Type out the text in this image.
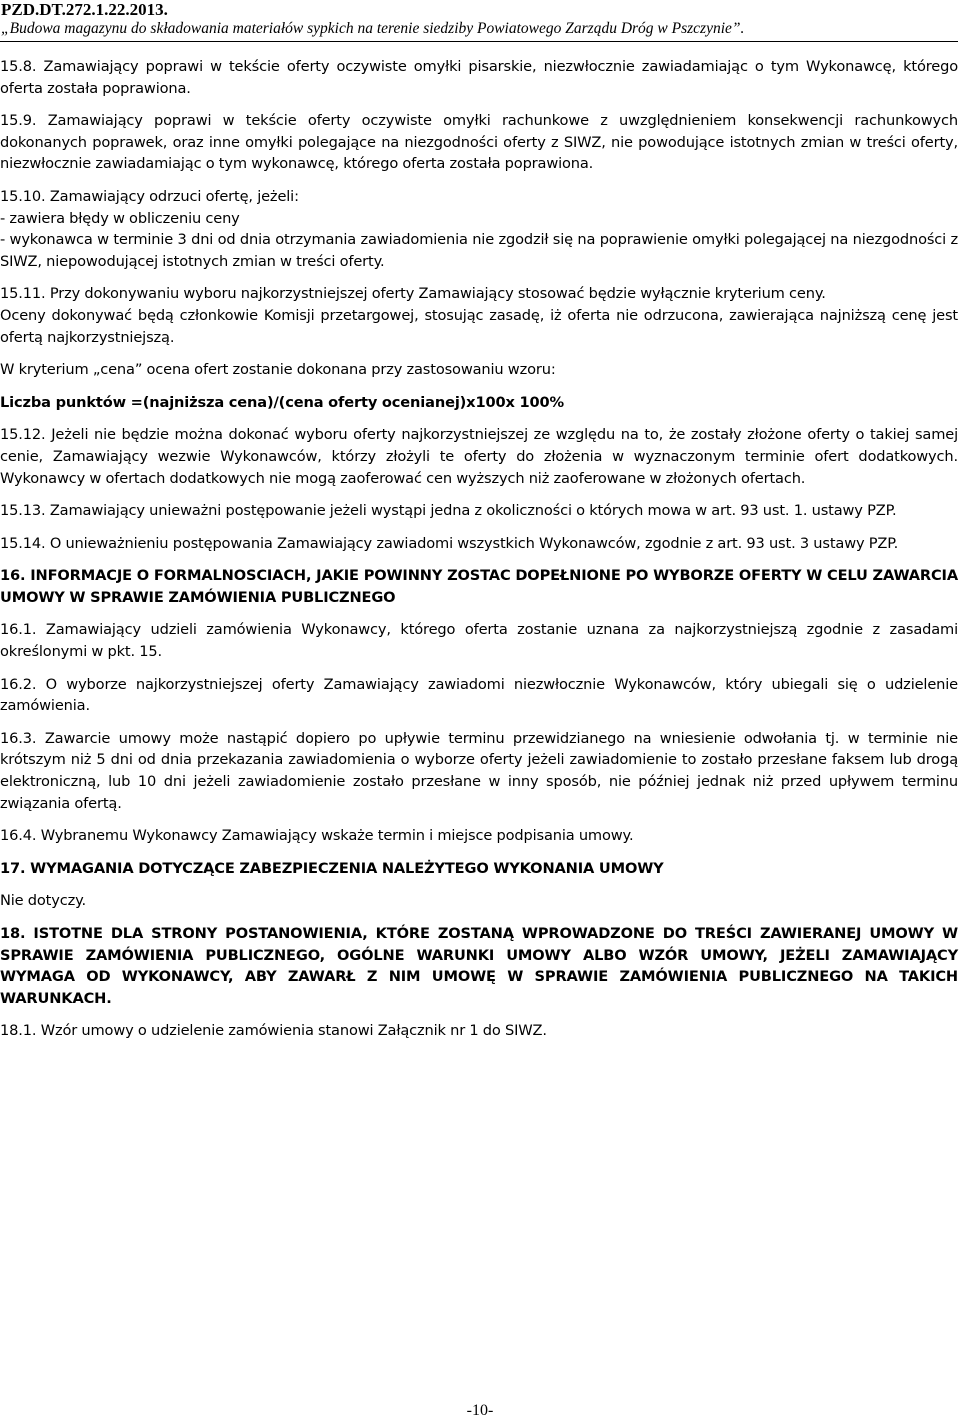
PZD.DT.272.1.22.2013.
„Budowa magazynu do składowania materiałów sypkich na terenie siedziby Powiatowego Zarządu Dróg w Pszczynie”.

15.8. Zamawiający poprawi w tekście oferty oczywiste omyłki pisarskie, niezwłocznie zawiadamiając o tym Wykonawcę, którego oferta została poprawiona.

15.9. Zamawiający poprawi w tekście oferty oczywiste omyłki rachunkowe z uwzględnieniem konsekwencji rachunkowych dokonanych poprawek, oraz inne omyłki polegające na niezgodności oferty z SIWZ, nie powodujące istotnych zmian w treści oferty, niezwłocznie zawiadamiając o tym wykonawcę, którego oferta została poprawiona.

15.10. Zamawiający odrzuci ofertę, jeżeli:

- zawiera błędy w obliczeniu ceny

- wykonawca w terminie 3 dni od dnia otrzymania zawiadomienia nie zgodził się na poprawienie omyłki polegającej na niezgodności z SIWZ, niepowodującej istotnych zmian w treści oferty.

15.11. Przy dokonywaniu wyboru najkorzystniejszej oferty Zamawiający stosować będzie wyłącznie kryterium ceny.

Oceny dokonywać będą członkowie Komisji przetargowej, stosując zasadę, iż oferta nie odrzucona, zawierająca najniższą cenę jest ofertą najkorzystniejszą.

W kryterium „cena” ocena ofert zostanie dokonana przy zastosowaniu wzoru:

Liczba punktów =(najniższa cena)/(cena oferty ocenianej)x100x 100%

15.12. Jeżeli nie będzie można dokonać wyboru oferty najkorzystniejszej ze względu na to, że zostały złożone oferty o takiej samej cenie, Zamawiający wezwie Wykonawców, którzy złożyli te oferty do złożenia w wyznaczonym terminie ofert dodatkowych. Wykonawcy w ofertach dodatkowych nie mogą zaoferować cen wyższych niż zaoferowane w złożonych ofertach.

15.13. Zamawiający unieważni postępowanie jeżeli wystąpi jedna z okoliczności o których mowa w art. 93 ust. 1. ustawy PZP.

15.14. O unieważnieniu postępowania Zamawiający zawiadomi wszystkich Wykonawców, zgodnie z art. 93 ust. 3 ustawy PZP.

16. INFORMACJE O FORMALNOSCIACH, JAKIE POWINNY ZOSTAC DOPEŁNIONE PO WYBORZE OFERTY W CELU ZAWARCIA UMOWY W SPRAWIE ZAMÓWIENIA PUBLICZNEGO

16.1. Zamawiający udzieli zamówienia Wykonawcy, którego oferta zostanie uznana za najkorzystniejszą zgodnie z zasadami określonymi w pkt. 15.

16.2. O wyborze najkorzystniejszej oferty Zamawiający zawiadomi niezwłocznie Wykonawców, który ubiegali się o udzielenie zamówienia.

16.3. Zawarcie umowy może nastąpić dopiero po upływie terminu przewidzianego na wniesienie odwołania tj. w terminie nie krótszym niż 5 dni od dnia przekazania zawiadomienia o wyborze oferty jeżeli zawiadomienie to zostało przesłane faksem lub drogą elektroniczną, lub 10 dni jeżeli zawiadomienie zostało przesłane w inny sposób, nie później jednak niż przed upływem terminu związania ofertą.

16.4. Wybranemu Wykonawcy Zamawiający wskaże termin i miejsce podpisania umowy.

17. WYMAGANIA DOTYCZĄCE ZABEZPIECZENIA NALEŻYTEGO WYKONANIA UMOWY

Nie dotyczy.

18. ISTOTNE DLA STRONY POSTANOWIENIA, KTÓRE ZOSTANĄ WPROWADZONE DO TREŚCI ZAWIERANEJ UMOWY W SPRAWIE ZAMÓWIENIA PUBLICZNEGO, OGÓLNE WARUNKI UMOWY ALBO WZÓR UMOWY, JEŻELI ZAMAWIAJĄCY WYMAGA OD WYKONAWCY, ABY ZAWARŁ Z NIM UMOWĘ W SPRAWIE ZAMÓWIENIA PUBLICZNEGO NA TAKICH WARUNKACH.

18.1. Wzór umowy o udzielenie zamówienia stanowi Załącznik nr 1 do SIWZ.

-10-
